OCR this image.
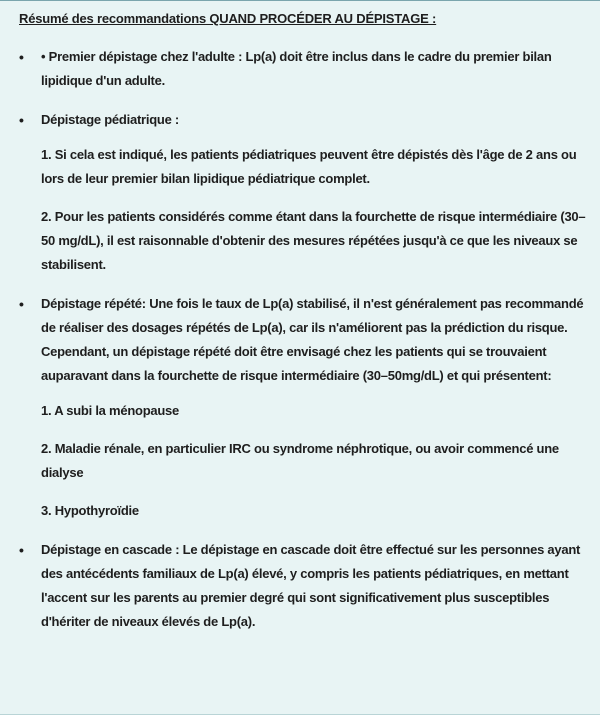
Résumé des recommandations QUAND PROCÉDER AU DÉPISTAGE :
• • Premier dépistage chez l'adulte : Lp(a) doit être inclus dans le cadre du premier bilan lipidique d'un adulte.

• Dépistage pédiatrique :

1. Si cela est indiqué, les patients pédiatriques peuvent être dépistés dès l'âge de 2 ans ou lors de leur premier bilan lipidique pédiatrique complet.

2. Pour les patients considérés comme étant dans la fourchette de risque intermédiaire (30–50 mg/dL), il est raisonnable d'obtenir des mesures répétées jusqu'à ce que les niveaux se stabilisent.

• Dépistage répété: Une fois le taux de Lp(a) stabilisé, il n'est généralement pas recommandé de réaliser des dosages répétés de Lp(a), car ils n'améliorent pas la prédiction du risque. Cependant, un dépistage répété doit être envisagé chez les patients qui se trouvaient auparavant dans la fourchette de risque intermédiaire (30–50mg/dL) et qui présentent:

1. A subi la ménopause

2. Maladie rénale, en particulier IRC ou syndrome néphrotique, ou avoir commencé une dialyse

3. Hypothyroïdie

• Dépistage en cascade : Le dépistage en cascade doit être effectué sur les personnes ayant des antécédents familiaux de Lp(a) élevé, y compris les patients pédiatriques, en mettant l'accent sur les parents au premier degré qui sont significativement plus susceptibles d'hériter de niveaux élevés de Lp(a).
